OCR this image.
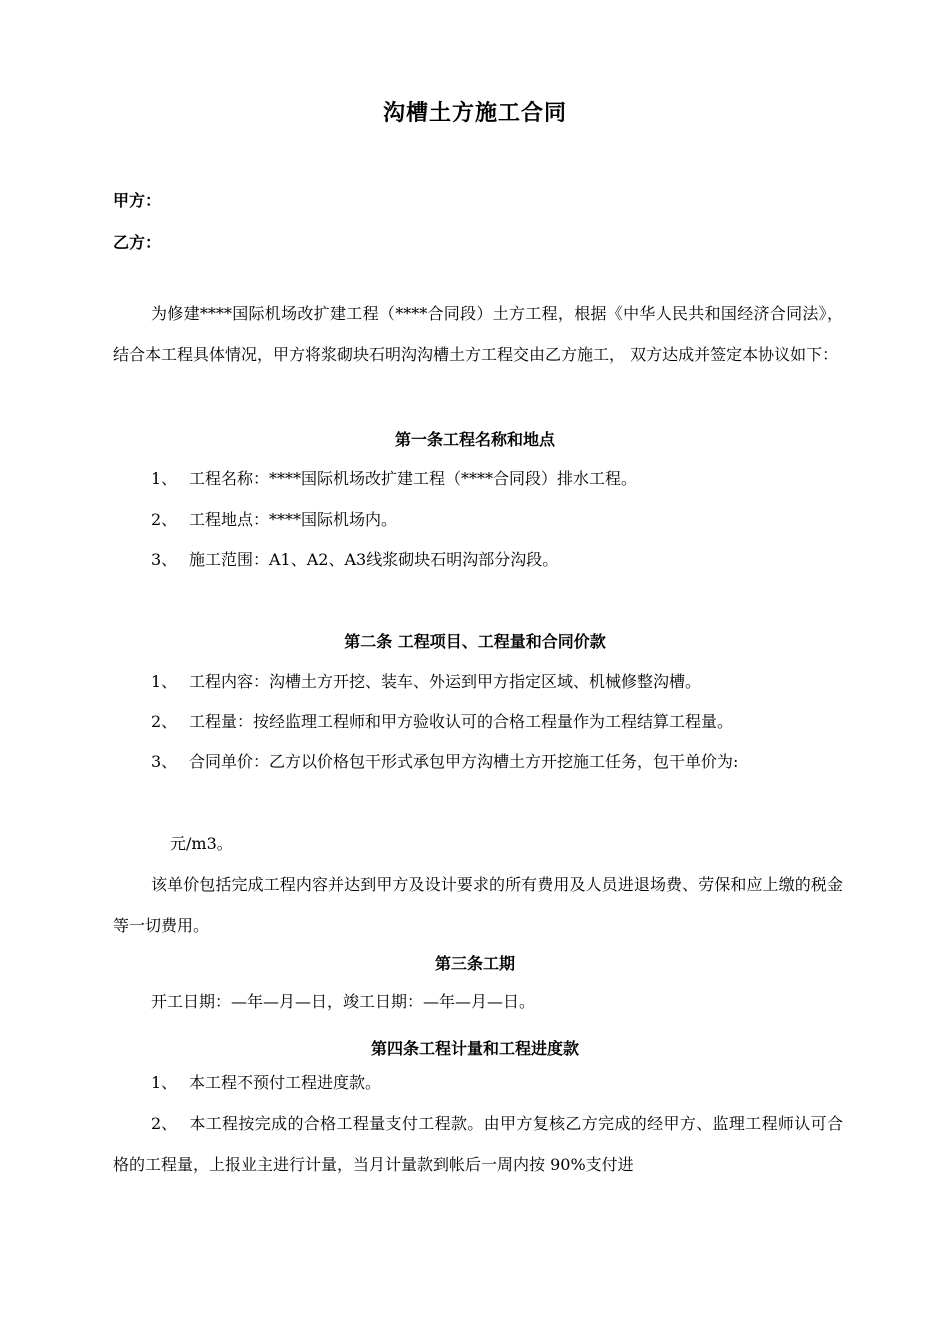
沟槽土方施工合同
甲方：
乙方：
为修建****国际机场改扩建工程（****合同段）土方工程，根据《中华人民共和国经济合同法》，结合本工程具体情况，甲方将浆砌块石明沟沟槽土方工程交由乙方施工， 双方达成并签定本协议如下：
第一条工程名称和地点
1、 工程名称：****国际机场改扩建工程（****合同段）排水工程。
2、 工程地点：****国际机场内。
3、 施工范围：A1、A2、A3线浆砌块石明沟部分沟段。
第二条 工程项目、工程量和合同价款
1、 工程内容：沟槽土方开挖、装车、外运到甲方指定区域、机械修整沟槽。
2、 工程量：按经监理工程师和甲方验收认可的合格工程量作为工程结算工程量。
3、 合同单价：乙方以价格包干形式承包甲方沟槽土方开挖施工任务，包干单价为:
元/m3。
该单价包括完成工程内容并达到甲方及设计要求的所有费用及人员进退场费、劳保和应上缴的税金等一切费用。
第三条工期
开工日期：—年—月—日，竣工日期：—年—月—日。
第四条工程计量和工程进度款
1、 本工程不预付工程进度款。
2、 本工程按完成的合格工程量支付工程款。由甲方复核乙方完成的经甲方、监理工程师认可合格的工程量，上报业主进行计量，当月计量款到帐后一周内按 90%支付进
